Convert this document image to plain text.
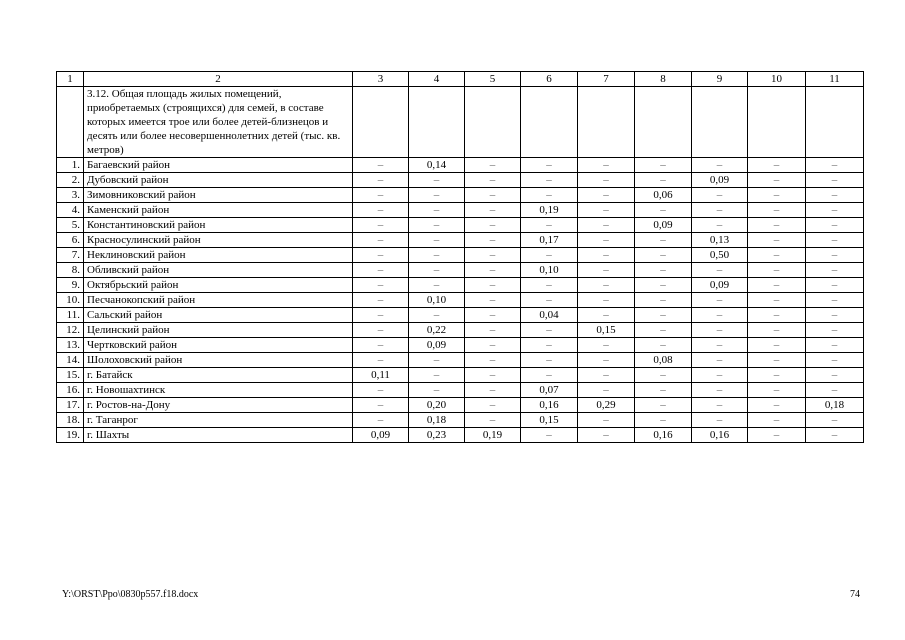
1	2	3	4	5	6	7	8	9	10	11
	3.12. Общая площадь жилых помещений, приобретаемых (строящихся) для семей, в составе которых имеется трое или более детей-близнецов и десять или более несовершеннолетних детей (тыс. кв. метров)									
1.	Багаевский район	–	0,14	–	–	–	–	–	–	–
2.	Дубовский район	–	–	–	–	–	–	0,09	–	–
3.	Зимовниковский район	–	–	–	–	–	0,06	–	–	–
4.	Каменский район	–	–	–	0,19	–	–	–	–	–
5.	Константиновский район	–	–	–	–	–	0,09	–	–	–
6.	Красносулинский район	–	–	–	0,17	–	–	0,13	–	–
7.	Неклиновский район	–	–	–	–	–	–	0,50	–	–
8.	Обливский район	–	–	–	0,10	–	–	–	–	–
9.	Октябрьский район	–	–	–	–	–	–	0,09	–	–
10.	Песчанокопский район	–	0,10	–	–	–	–	–	–	–
11.	Сальский район	–	–	–	0,04	–	–	–	–	–
12.	Целинский район	–	0,22	–	–	0,15	–	–	–	–
13.	Чертковский район	–	0,09	–	–	–	–	–	–	–
14.	Шолоховский район	–	–	–	–	–	0,08	–	–	–
15.	г. Батайск	0,11	–	–	–	–	–	–	–	–
16.	г. Новошахтинск	–	–	–	0,07	–	–	–	–	–
17.	г. Ростов-на-Дону	–	0,20	–	0,16	0,29	–	–	–	0,18
18.	г. Таганрог	–	0,18	–	0,15	–	–	–	–	–
19.	г. Шахты	0,09	0,23	0,19	–	–	0,16	0,16	–	–
Y:\ORST\Ppo\0830p557.f18.docx	74
